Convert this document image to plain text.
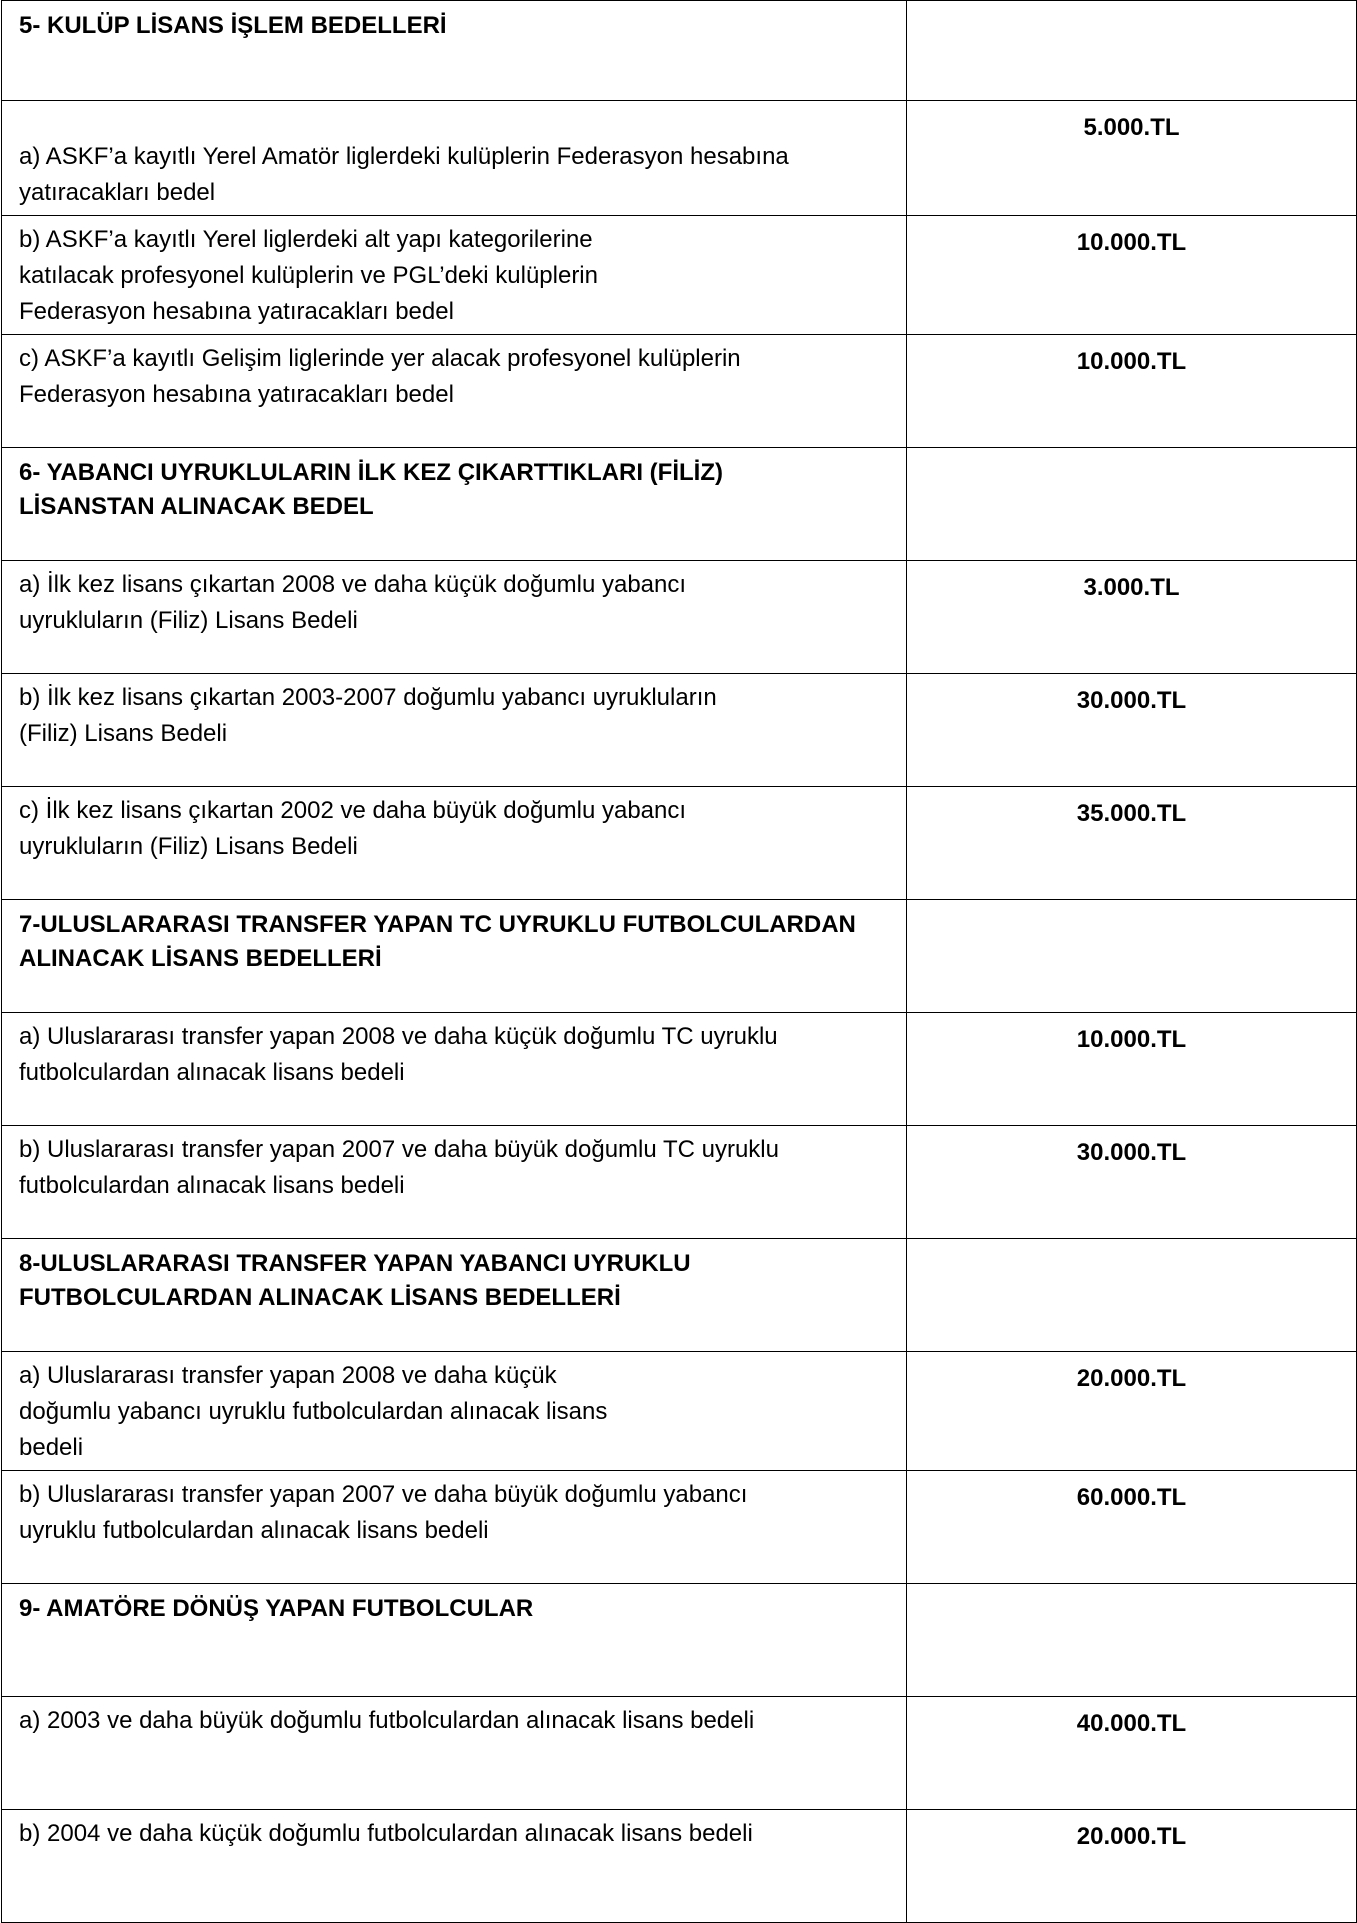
5- KULÜP LİSANS İŞLEM BEDELLERİ	

a) ASKF’a kayıtlı Yerel Amatör liglerdeki kulüplerin Federasyon hesabına
yatıracakları bedel	5.000.TL

b) ASKF’a kayıtlı Yerel liglerdeki alt yapı kategorilerine
katılacak profesyonel kulüplerin ve PGL’deki kulüplerin
Federasyon hesabına yatıracakları bedel	10.000.TL

c) ASKF’a kayıtlı Gelişim liglerinde yer alacak profesyonel kulüplerin
Federasyon hesabına yatıracakları bedel	10.000.TL

6- YABANCI UYRUKLULARIN İLK KEZ ÇIKARTTIKLARI (FİLİZ)
LİSANSTAN ALINACAK BEDEL	

a) İlk kez lisans çıkartan 2008 ve daha küçük doğumlu yabancı
uyrukluların (Filiz) Lisans Bedeli	3.000.TL

b) İlk kez lisans çıkartan 2003-2007 doğumlu yabancı uyrukluların
(Filiz) Lisans Bedeli	30.000.TL

c) İlk kez lisans çıkartan 2002 ve daha büyük doğumlu yabancı
uyrukluların (Filiz) Lisans Bedeli	35.000.TL

7-ULUSLARARASI TRANSFER YAPAN TC UYRUKLU FUTBOLCULARDAN
ALINACAK LİSANS BEDELLERİ	

a) Uluslararası transfer yapan 2008 ve daha küçük doğumlu TC uyruklu
futbolculardan alınacak lisans bedeli	10.000.TL

b) Uluslararası transfer yapan 2007 ve daha büyük doğumlu TC uyruklu
futbolculardan alınacak lisans bedeli	30.000.TL

8-ULUSLARARASI TRANSFER YAPAN YABANCI UYRUKLU
FUTBOLCULARDAN ALINACAK LİSANS BEDELLERİ	

a) Uluslararası transfer yapan 2008 ve daha küçük
doğumlu yabancı uyruklu futbolculardan alınacak lisans
bedeli	20.000.TL

b) Uluslararası transfer yapan 2007 ve daha büyük doğumlu yabancı
uyruklu futbolculardan alınacak lisans bedeli	60.000.TL

9- AMATÖRE DÖNÜŞ YAPAN FUTBOLCULAR	

a) 2003 ve daha büyük doğumlu futbolculardan alınacak lisans bedeli	40.000.TL

b) 2004 ve daha küçük doğumlu futbolculardan alınacak lisans bedeli	20.000.TL
